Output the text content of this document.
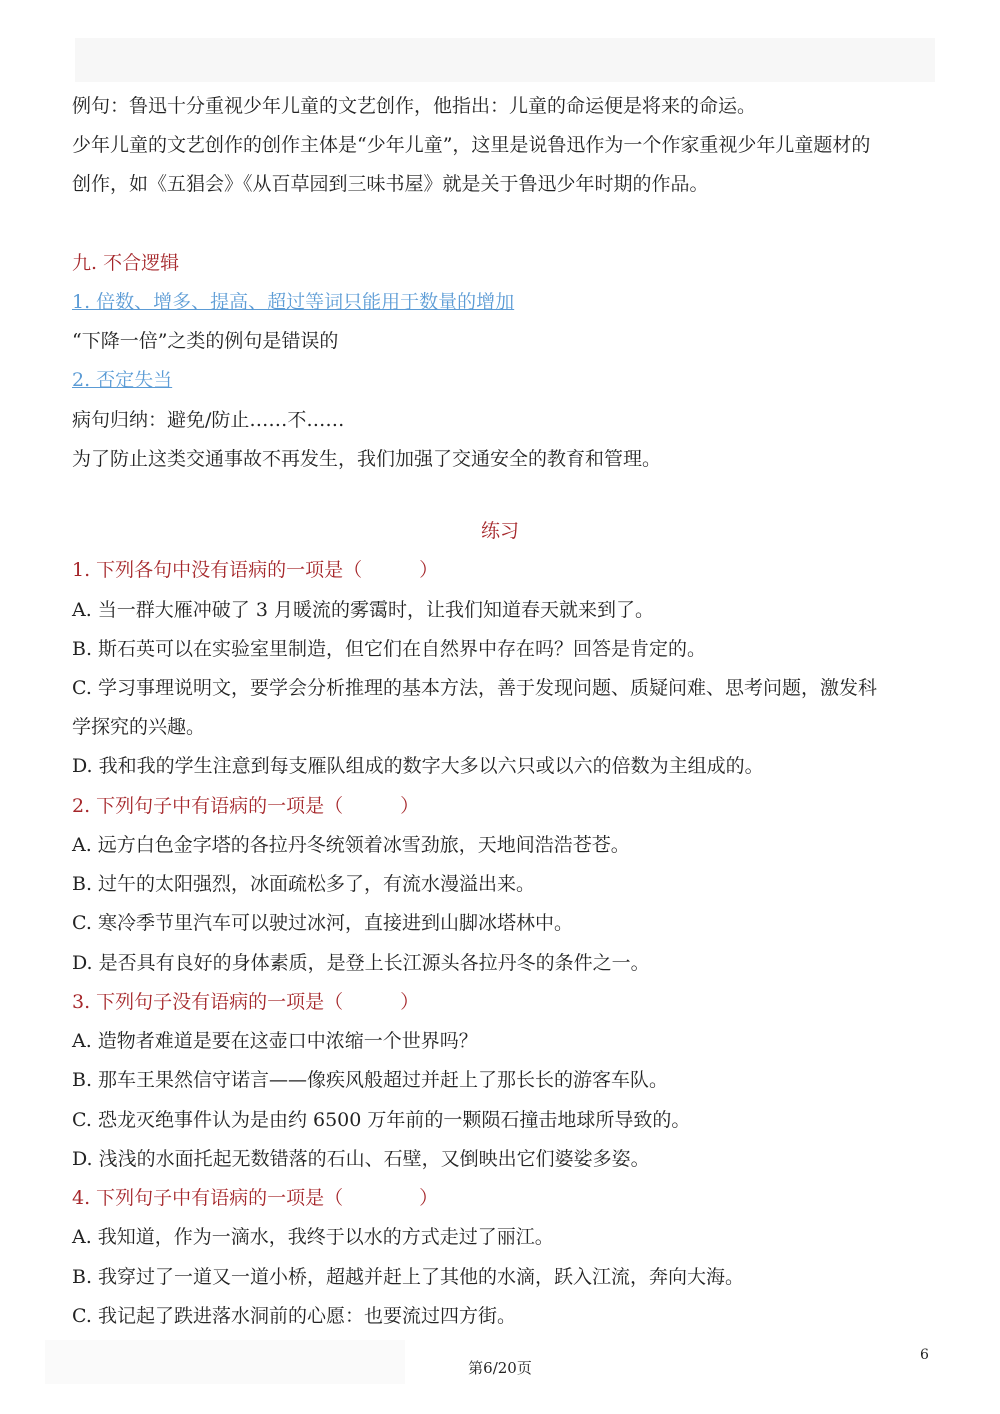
例句：鲁迅十分重视少年儿童的文艺创作，他指出：儿童的命运便是将来的命运。
少年儿童的文艺创作的创作主体是“少年儿童”，这里是说鲁迅作为一个作家重视少年儿童题材的
创作，如《五猖会》《从百草园到三味书屋》就是关于鲁迅少年时期的作品。
九. 不合逻辑
1. 倍数、增多、提高、超过等词只能用于数量的增加
“下降一倍”之类的例句是错误的
2. 否定失当
病句归纳：避免/防止……不……
为了防止这类交通事故不再发生，我们加强了交通安全的教育和管理。
练习
1. 下列各句中没有语病的一项是（　　　）
A. 当一群大雁冲破了 3 月暖流的雾霭时，让我们知道春天就来到了。
B. 斯石英可以在实验室里制造，但它们在自然界中存在吗？回答是肯定的。
C. 学习事理说明文，要学会分析推理的基本方法，善于发现问题、质疑问难、思考问题，激发科
学探究的兴趣。
D. 我和我的学生注意到每支雁队组成的数字大多以六只或以六的倍数为主组成的。
2. 下列句子中有语病的一项是（　　　）
A. 远方白色金字塔的各拉丹冬统领着冰雪劲旅，天地间浩浩苍苍。
B. 过午的太阳强烈，冰面疏松多了，有流水漫溢出来。
C. 寒冷季节里汽车可以驶过冰河，直接进到山脚冰塔林中。
D. 是否具有良好的身体素质，是登上长江源头各拉丹冬的条件之一。
3. 下列句子没有语病的一项是（　　　）
A. 造物者难道是要在这壶口中浓缩一个世界吗？
B. 那车王果然信守诺言——像疾风般超过并赶上了那长长的游客车队。
C. 恐龙灭绝事件认为是由约 6500 万年前的一颗陨石撞击地球所导致的。
D. 浅浅的水面托起无数错落的石山、石壁，又倒映出它们婆娑多姿。
4. 下列句子中有语病的一项是（　　　　）
A. 我知道，作为一滴水，我终于以水的方式走过了丽江。
B. 我穿过了一道又一道小桥，超越并赶上了其他的水滴，跃入江流，奔向大海。
C. 我记起了跌进落水洞前的心愿：也要流过四方街。
第6/20页
6
